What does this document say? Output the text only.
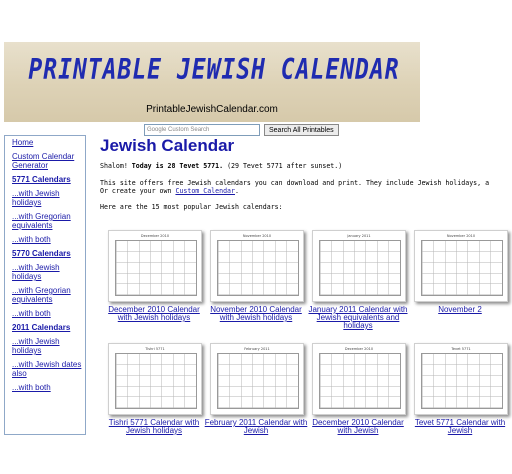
PRINTABLE JEWISH CALENDAR
PrintableJewishCalendar.com
Google Custom Search	Search All Printables
Home
Custom Calendar Generator
5771 Calendars
...with Jewish holidays
...with Gregorian equivalents
...with both
5770 Calendars
...with Jewish holidays
...with Gregorian equivalents
...with both
2011 Calendars
...with Jewish holidays
...with Jewish dates also
...with both
Jewish Calendar
Shalom! Today is 28 Tevet 5771. (29 Tevet 5771 after sunset.)
This site offers free Jewish calendars you can download and print. They include Jewish holidays, a
Or create your own Custom Calendar.
Here are the 15 most popular Jewish calendars:
December 2010
December 2010 Calendar with Jewish holidays
November 2010
November 2010 Calendar with Jewish holidays
January 2011
January 2011 Calendar with Jewish equivalents and holidays
November 2010
November 2
Tishri 5771
Tishri 5771 Calendar with Jewish holidays
February 2011
February 2011 Calendar with Jewish
December 2010
December 2010 Calendar with Jewish
Tevet 5771
Tevet 5771 Calendar with Jewish
